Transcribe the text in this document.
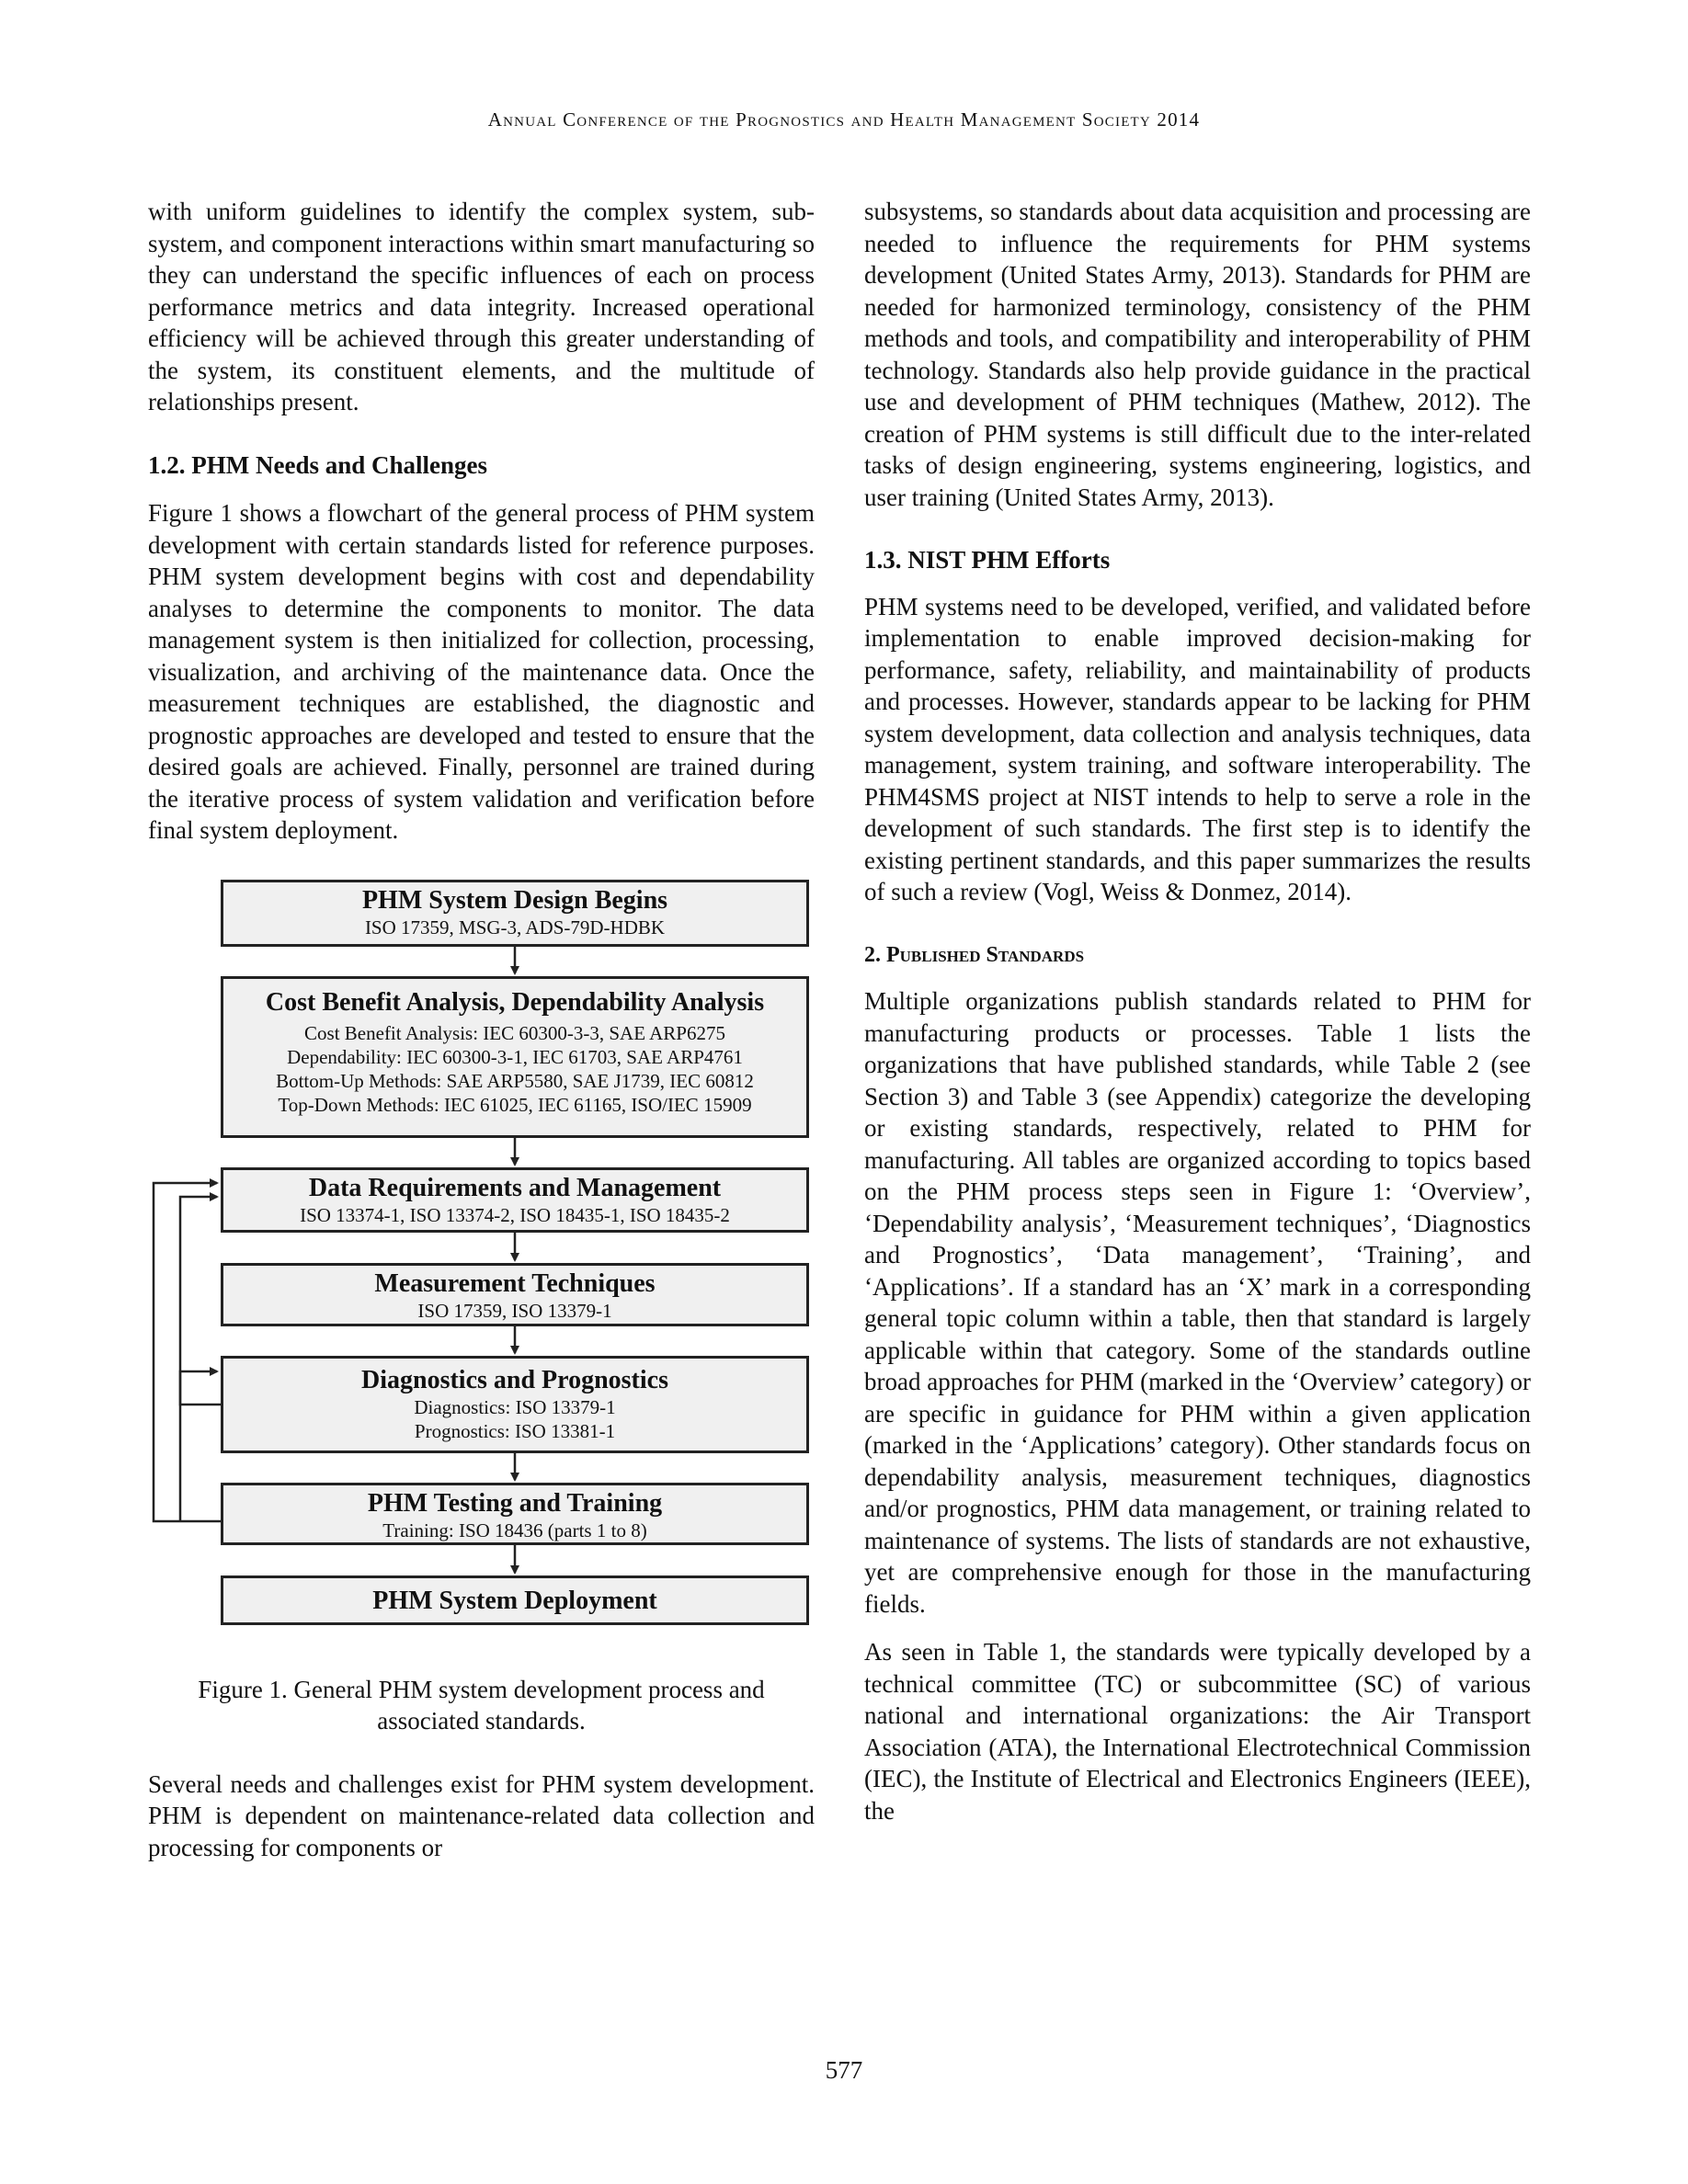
Annual Conference of the Prognostics and Health Management Society 2014

with uniform guidelines to identify the complex system, sub-system, and component interactions within smart manufacturing so they can understand the specific influences of each on process performance metrics and data integrity. Increased operational efficiency will be achieved through this greater understanding of the system, its constituent elements, and the multitude of relationships present.

1.2. PHM Needs and Challenges

Figure 1 shows a flowchart of the general process of PHM system development with certain standards listed for reference purposes. PHM system development begins with cost and dependability analyses to determine the components to monitor. The data management system is then initialized for collection, processing, visualization, and archiving of the maintenance data. Once the measurement techniques are established, the diagnostic and prognostic approaches are developed and tested to ensure that the desired goals are achieved. Finally, personnel are trained during the iterative process of system validation and verification before final system deployment.

PHM System Design Begins
ISO 17359, MSG-3, ADS-79D-HDBK
Cost Benefit Analysis, Dependability Analysis
Cost Benefit Analysis: IEC 60300-3-3, SAE ARP6275
Dependability: IEC 60300-3-1, IEC 61703, SAE ARP4761
Bottom-Up Methods: SAE ARP5580, SAE J1739, IEC 60812
Top-Down Methods: IEC 61025, IEC 61165, ISO/IEC 15909
Data Requirements and Management
ISO 13374-1, ISO 13374-2, ISO 18435-1, ISO 18435-2
Measurement Techniques
ISO 17359, ISO 13379-1
Diagnostics and Prognostics
Diagnostics: ISO 13379-1
Prognostics: ISO 13381-1
PHM Testing and Training
Training: ISO 18436 (parts 1 to 8)
PHM System Deployment
Figure 1. General PHM system development process and associated standards.

Several needs and challenges exist for PHM system development. PHM is dependent on maintenance-related data collection and processing for components or

subsystems, so standards about data acquisition and processing are needed to influence the requirements for PHM systems development (United States Army, 2013). Standards for PHM are needed for harmonized terminology, consistency of the PHM methods and tools, and compatibility and interoperability of PHM technology. Standards also help provide guidance in the practical use and development of PHM techniques (Mathew, 2012). The creation of PHM systems is still difficult due to the inter-related tasks of design engineering, systems engineering, logistics, and user training (United States Army, 2013).

1.3. NIST PHM Efforts

PHM systems need to be developed, verified, and validated before implementation to enable improved decision-making for performance, safety, reliability, and maintainability of products and processes. However, standards appear to be lacking for PHM system development, data collection and analysis techniques, data management, system training, and software interoperability. The PHM4SMS project at NIST intends to help to serve a role in the development of such standards. The first step is to identify the existing pertinent standards, and this paper summarizes the results of such a review (Vogl, Weiss & Donmez, 2014).

2. Published Standards

Multiple organizations publish standards related to PHM for manufacturing products or processes. Table 1 lists the organizations that have published standards, while Table 2 (see Section 3) and Table 3 (see Appendix) categorize the developing or existing standards, respectively, related to PHM for manufacturing. All tables are organized according to topics based on the PHM process steps seen in Figure 1: ‘Overview’, ‘Dependability analysis’, ‘Measurement techniques’, ‘Diagnostics and Prognostics’, ‘Data management’, ‘Training’, and ‘Applications’. If a standard has an ‘X’ mark in a corresponding general topic column within a table, then that standard is largely applicable within that category. Some of the standards outline broad approaches for PHM (marked in the ‘Overview’ category) or are specific in guidance for PHM within a given application (marked in the ‘Applications’ category). Other standards focus on dependability analysis, measurement techniques, diagnostics and/or prognostics, PHM data management, or training related to maintenance of systems. The lists of standards are not exhaustive, yet are comprehensive enough for those in the manufacturing fields.

As seen in Table 1, the standards were typically developed by a technical committee (TC) or subcommittee (SC) of various national and international organizations: the Air Transport Association (ATA), the International Electrotechnical Commission (IEC), the Institute of Electrical and Electronics Engineers (IEEE), the

577
